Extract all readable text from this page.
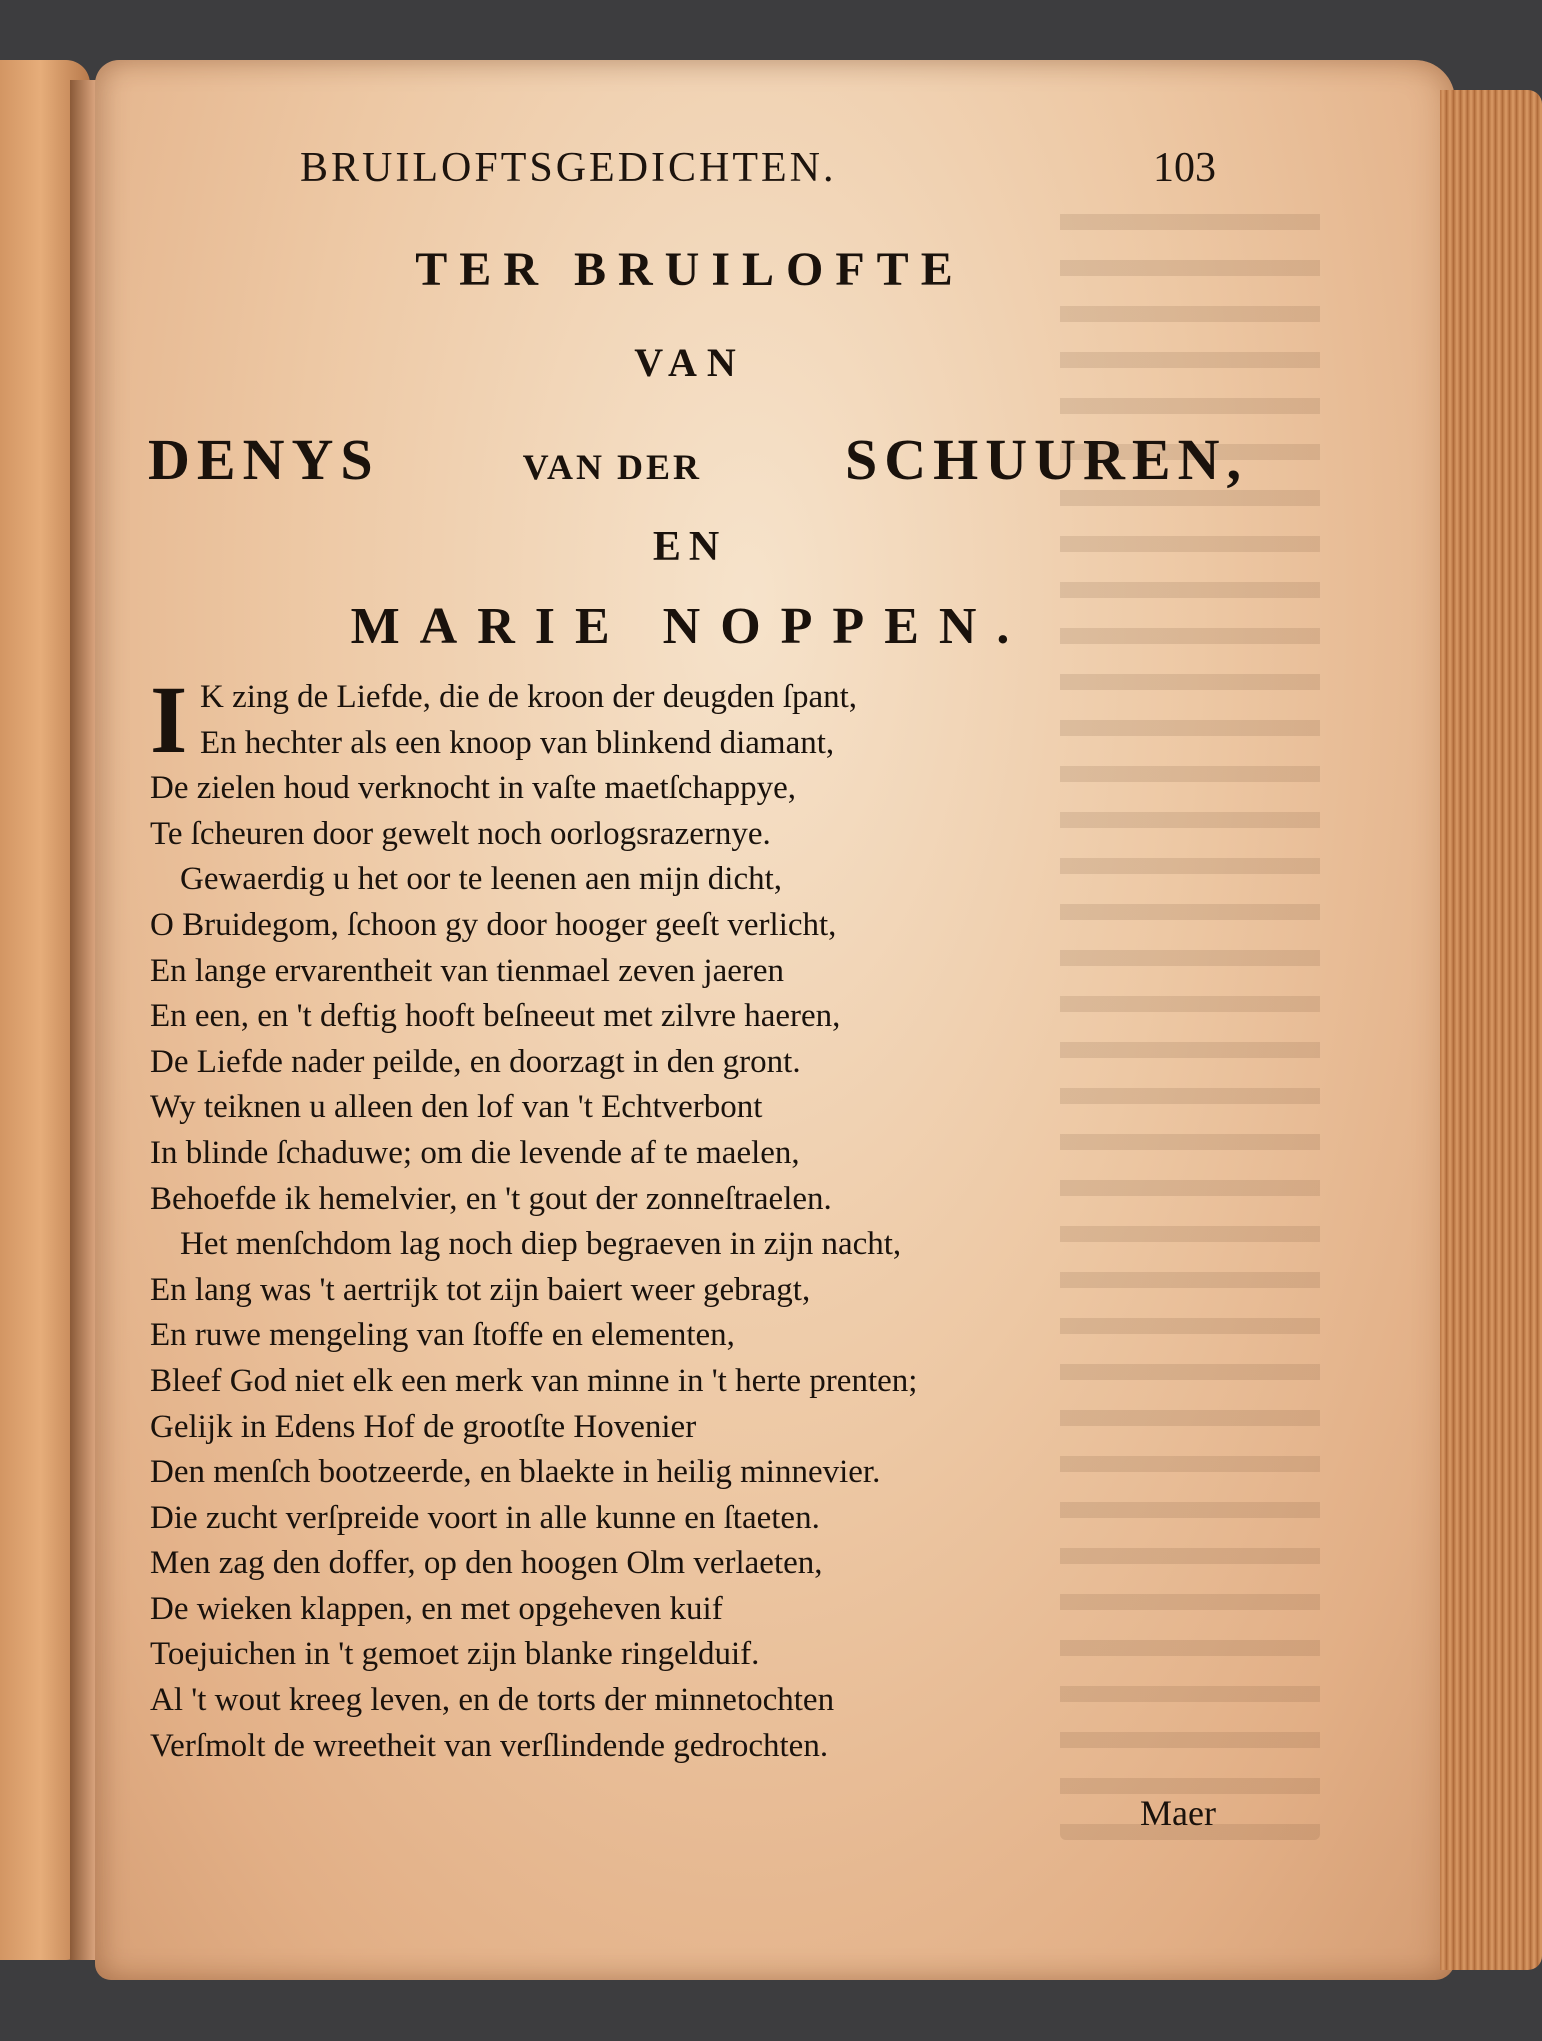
BRUILOFTSGEDICHTEN.	103
TER BRUILOFTE
VAN
DENYS	VAN DER SCHUUREN,
EN
MARIE NOPPEN.
I K zing de Liefde, die de kroon der deugden ſpant,
En hechter als een knoop van blinkend diamant,
De zielen houd verknocht in vaſte maetſchappye,
Te ſcheuren door gewelt noch oorlogsrazernye.
Gewaerdig u het oor te leenen aen mijn dicht,
O Bruidegom, ſchoon gy door hooger geeſt verlicht,
En lange ervarentheit van tienmael zeven jaeren
En een, en 't deftig hooft beſneeut met zilvre haeren,
De Liefde nader peilde, en doorzagt in den gront.
Wy teiknen u alleen den lof van 't Echtverbont
In blinde ſchaduwe; om die levende af te maelen,
Behoefde ik hemelvier, en 't gout der zonneſtraelen.
Het menſchdom lag noch diep begraeven in zijn nacht,
En lang was 't aertrijk tot zijn baiert weer gebragt,
En ruwe mengeling van ſtoffe en elementen,
Bleef God niet elk een merk van minne in 't herte prenten;
Gelijk in Edens Hof de grootſte Hovenier
Den menſch bootzeerde, en blaekte in heilig minnevier.
Die zucht verſpreide voort in alle kunne en ſtaeten.
Men zag den doffer, op den hoogen Olm verlaeten,
De wieken klappen, en met opgeheven kuif
Toejuichen in 't gemoet zijn blanke ringelduif.
Al 't wout kreeg leven, en de torts der minnetochten
Verſmolt de wreetheit van verſlindende gedrochten.
Maer
